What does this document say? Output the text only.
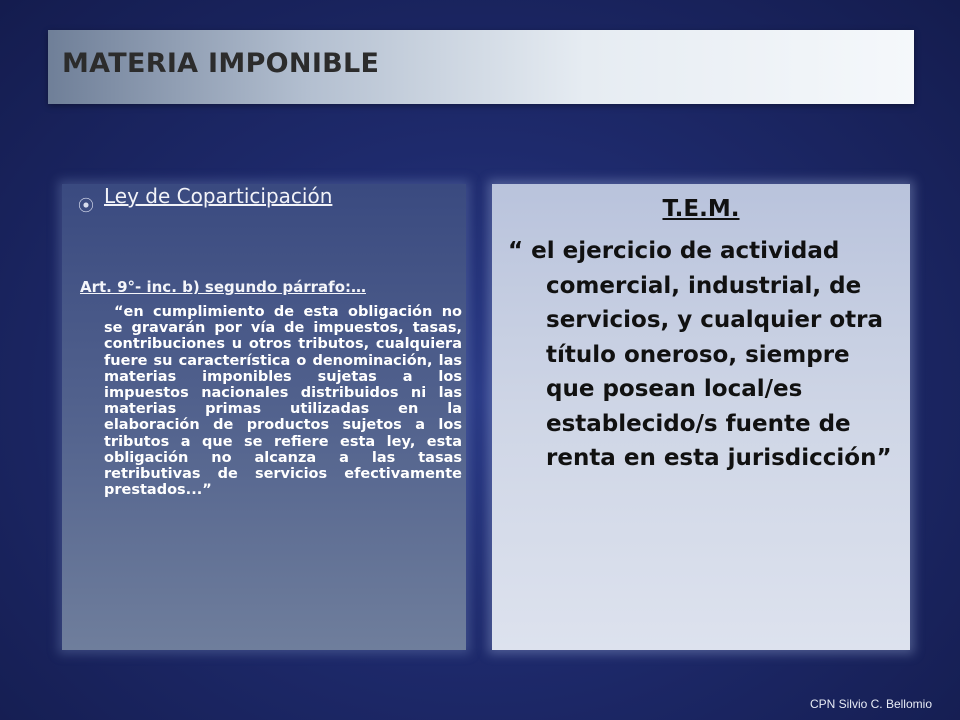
MATERIA IMPONIBLE
⦿ Ley de Coparticipación
Art. 9°- inc. b) segundo párrafo:…
“en cumplimiento de esta obligación no se gravarán por vía de impuestos, tasas, contribuciones u otros tributos, cualquiera fuere su característica o denominación, las materias imponibles sujetas a los impuestos nacionales distribuidos ni las materias primas utilizadas en la elaboración de productos sujetos a los tributos a que se refiere esta ley, esta obligación no alcanza a las tasas retributivas de servicios efectivamente prestados...”
T.E.M.
“ el ejercicio de actividad comercial, industrial, de servicios, y cualquier otra título oneroso, siempre que posean local/es establecido/s fuente de renta en esta jurisdicción”
CPN Silvio C. Bellomio
